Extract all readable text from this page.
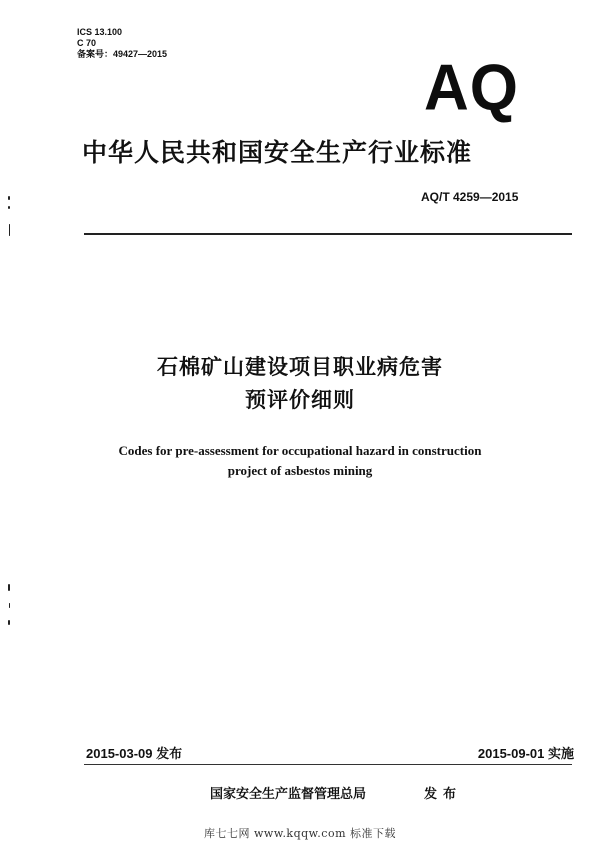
ICS 13.100
C 70
备案号：49427—2015	AQ
中华人民共和国安全生产行业标准
AQ/T 4259—2015
石棉矿山建设项目职业病危害
预评价细则
Codes for pre-assessment for occupational hazard in construction
project of asbestos mining
2015-03-09 发布	2015-09-01 实施
国家安全生产监督管理总局	发布
库七七网 www.kqqw.com 标准下载
